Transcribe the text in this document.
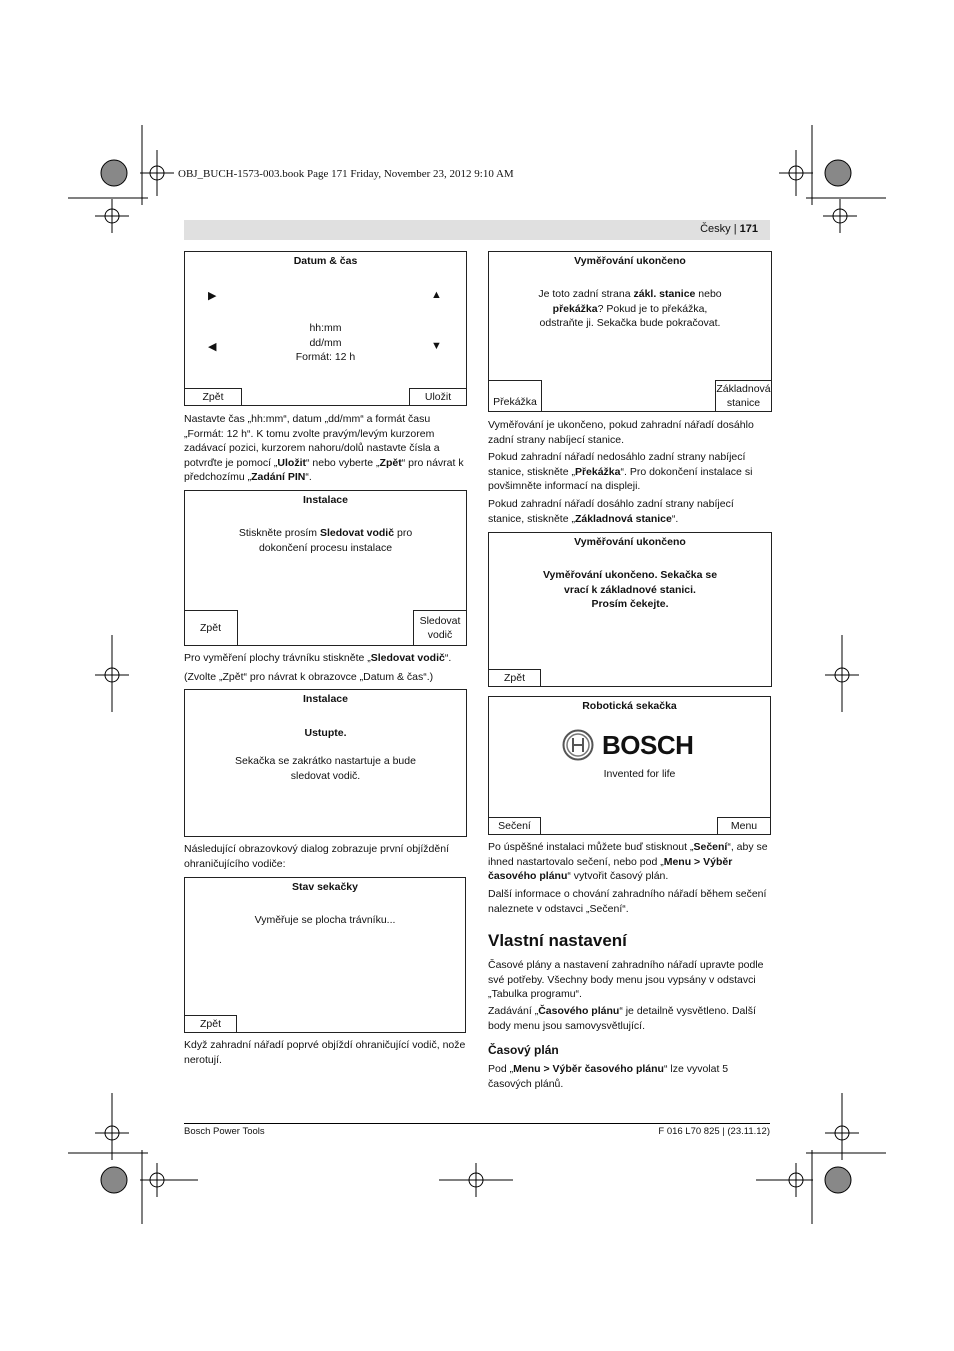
OBJ_BUCH-1573-003.book Page 171 Friday, November 23, 2012 9:10 AM
Česky | 171
Datum & čas
▶	▲
◀	▼
hh:mm
dd/mm
Formát: 12 h
Zpět	Uložit
Nastavte čas „hh:mm“, datum „dd/mm“ a formát času „Formát: 12 h“. K tomu zvolte pravým/levým kurzorem zadávací pozici, kurzorem nahoru/dolů nastavte čísla a potvrďte je pomocí „Uložit“ nebo vyberte „Zpět“ pro návrat k předchozímu „Zadání PIN“.
Instalace
Stiskněte prosím Sledovat vodič pro dokončení procesu instalace
Zpět
Sledovat vodič
Pro vyměření plochy trávníku stiskněte „Sledovat vodič“.
(Zvolte „Zpět“ pro návrat k obrazovce „Datum & čas“.)
Instalace
Ustupte.
Sekačka se zakrátko nastartuje a bude sledovat vodič.
Následující obrazovkový dialog zobrazuje první objíždění ohraničujícího vodiče:
Stav sekačky
Vyměřuje se plocha trávníku...
Zpět
Když zahradní nářadí poprvé objíždí ohraničující vodič, nože nerotují.
Vyměřování ukončeno
Je toto zadní strana zákl. stanice nebo překážka? Pokud je to překážka, odstraňte ji. Sekačka bude pokračovat.
Překážka
Základnová stanice
Vyměřování je ukončeno, pokud zahradní nářadí dosáhlo zadní strany nabíjecí stanice.
Pokud zahradní nářadí nedosáhlo zadní strany nabíjecí stanice, stiskněte „Překážka“. Pro dokončení instalace si povšimněte informací na displeji.
Pokud zahradní nářadí dosáhlo zadní strany nabíjecí stanice, stiskněte „Základnová stanice“.
Vyměřování ukončeno
Vyměřování ukončeno. Sekačka se
vrací k základnové stanici.
Prosím čekejte.
Zpět
Robotická sekačka
Invented for life
Sečení	Menu
BOSCH
Po úspěšné instalaci můžete buď stisknout „Sečení“, aby se ihned nastartovalo sečení, nebo pod „Menu > Výběr časového plánu“ vytvořit časový plán.
Další informace o chování zahradního nářadí během sečení naleznete v odstavci „Sečení“.
Vlastní nastavení
Časové plány a nastavení zahradního nářadí upravte podle své potřeby. Všechny body menu jsou vypsány v odstavci „Tabulka programu“.
Zadávání „Časového plánu“ je detailně vysvětleno. Další body menu jsou samovysvětlující.
Časový plán
Pod „Menu > Výběr časového plánu“ lze vyvolat 5 časových plánů.
Bosch Power Tools	F 016 L70 825 | (23.11.12)
